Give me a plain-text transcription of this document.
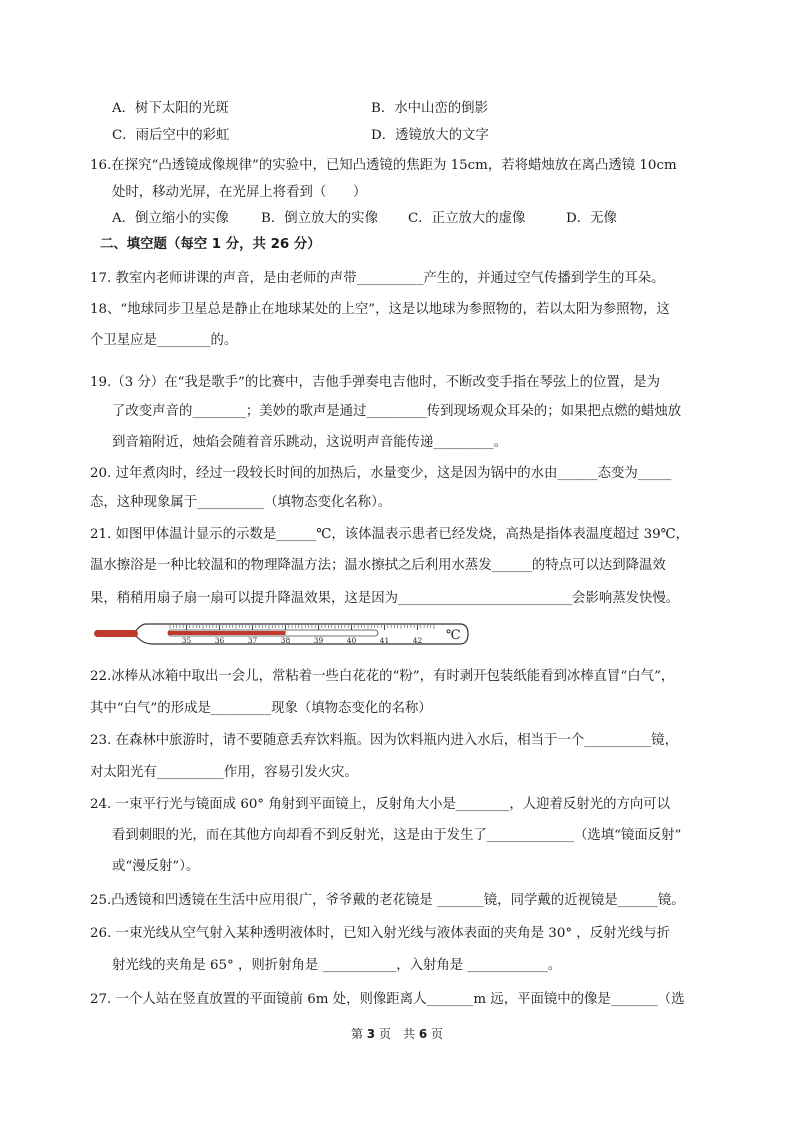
A．树下太阳的光斑	B．水中山峦的倒影
C．雨后空中的彩虹	D．透镜放大的文字
16.在探究“凸透镜成像规律”的实验中，已知凸透镜的焦距为 15cm，若将蜡烛放在离凸透镜 10cm
处时，移动光屏，在光屏上将看到（　　）
A．倒立缩小的实像 B．倒立放大的实像 C．正立放大的虚像	D．无像
二、填空题（每空 1 分，共 26 分）
17. 教室内老师讲课的声音，是由老师的声带__________产生的，并通过空气传播到学生的耳朵。
18、“地球同步卫星总是静止在地球某处的上空”，这是以地球为参照物的，若以太阳为参照物，这
个卫星应是________的。
19.（3 分）在“我是歌手”的比赛中，吉他手弹奏电吉他时，不断改变手指在琴弦上的位置，是为
了改变声音的________；美妙的歌声是通过_________传到现场观众耳朵的；如果把点燃的蜡烛放
到音箱附近，烛焰会随着音乐跳动，这说明声音能传递_________。
20. 过年煮肉时，经过一段较长时间的加热后，水量变少，这是因为锅中的水由______态变为_____
态，这种现象属于__________（填物态变化名称）。
21. 如图甲体温计显示的示数是______℃，该体温表示患者已经发烧，高热是指体表温度超过 39℃，
温水擦浴是一种比较温和的物理降温方法；温水擦拭之后利用水蒸发______的特点可以达到降温效
果，稍稍用扇子扇一扇可以提升降温效果，这是因为__________________________会影响蒸发快慢。
35	36	37	38	39	40	41	42 ℃
22.冰棒从冰箱中取出一会儿，常粘着一些白花花的“粉”，有时剥开包装纸能看到冰棒直冒“白气”，
其中“白气”的形成是_________现象（填物态变化的名称）
23. 在森林中旅游时，请不要随意丢弃饮料瓶。因为饮料瓶内进入水后，相当于一个__________镜，
对太阳光有__________作用，容易引发火灾。
24. 一束平行光与镜面成 60° 角射到平面镜上，反射角大小是________，人迎着反射光的方向可以
看到刺眼的光，而在其他方向却看不到反射光，这是由于发生了_____________（选填“镜面反射”
或“漫反射”）。
25.凸透镜和凹透镜在生活中应用很广，爷爷戴的老花镜是 _______镜，同学戴的近视镜是______镜。
26. 一束光线从空气射入某种透明液体时，已知入射光线与液体表面的夹角是 30° ，反射光线与折
射光线的夹角是 65° ，则折射角是 ___________，入射角是 ____________。
27. 一个人站在竖直放置的平面镜前 6m 处，则像距离人_______m 远，平面镜中的像是_______（选
第 3 页　共 6 页
